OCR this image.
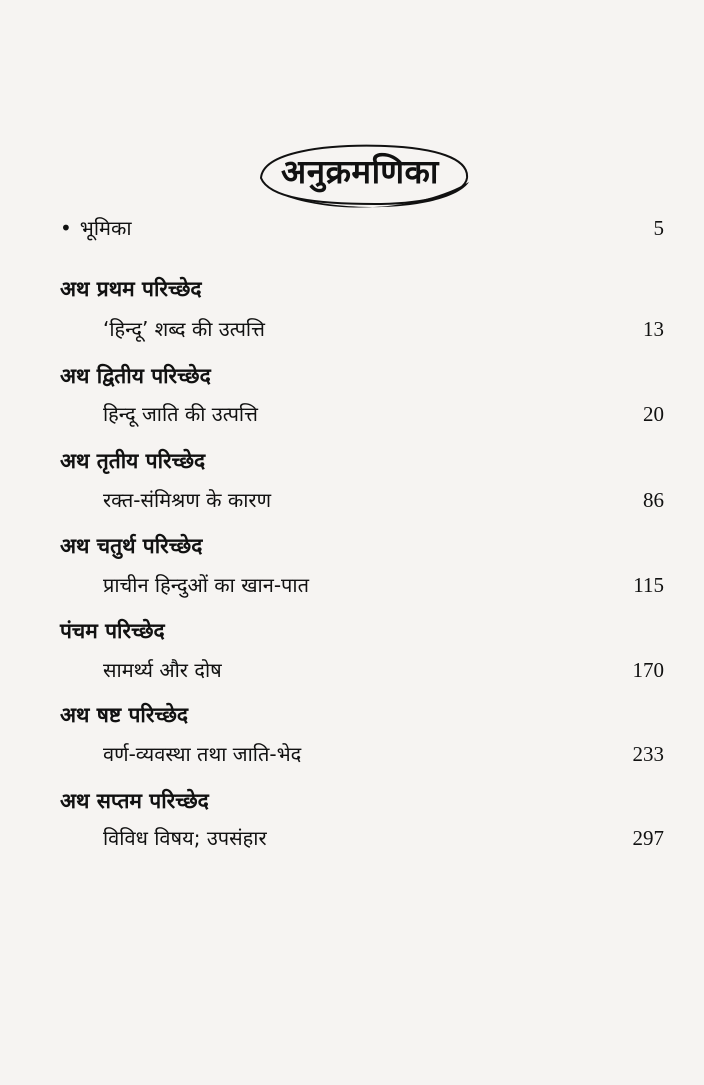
अनुक्रमणिका
• भूमिका	5
अथ प्रथम परिच्छेद
‘हिन्दू’ शब्द की उत्पत्ति	13
अथ द्वितीय परिच्छेद
हिन्दू जाति की उत्पत्ति	20
अथ तृतीय परिच्छेद
रक्त-संमिश्रण के कारण	86
अथ चतुर्थ परिच्छेद
प्राचीन हिन्दुओं का खान-पात	115
पंचम परिच्छेद
सामर्थ्य और दोष	170
अथ षष्ट परिच्छेद
वर्ण-व्यवस्था तथा जाति-भेद	233
अथ सप्तम परिच्छेद
विविध विषय; उपसंहार	297
